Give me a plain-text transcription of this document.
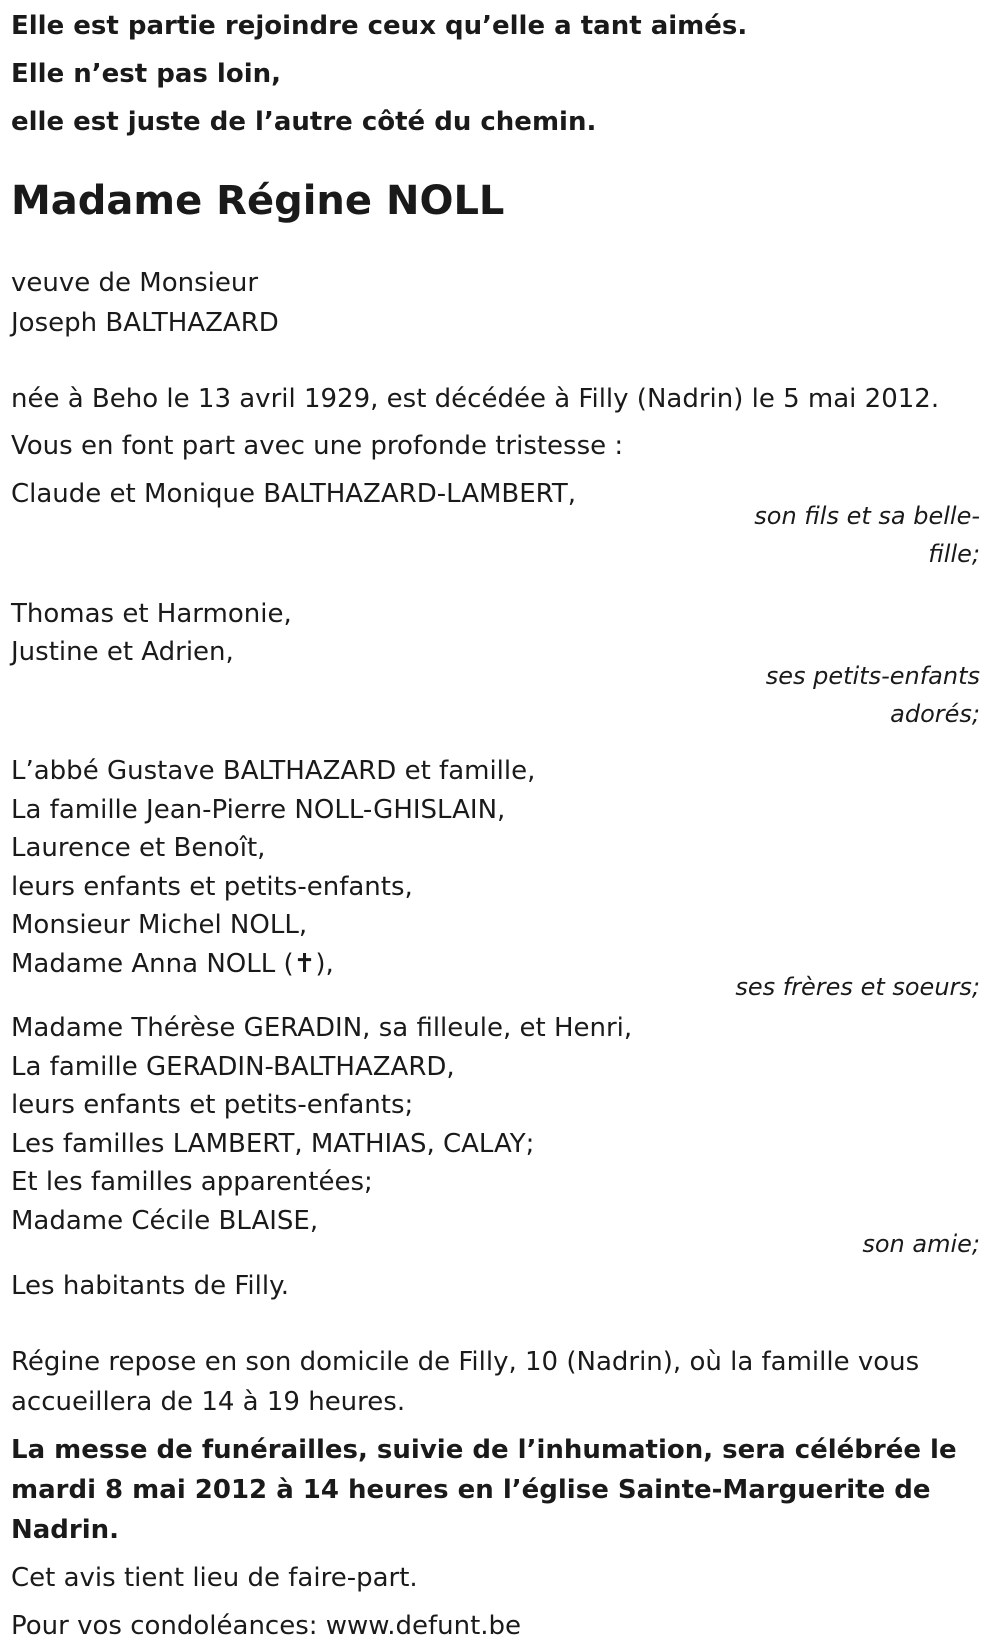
Elle est partie rejoindre ceux qu’elle a tant aimés.
Elle n’est pas loin,
elle est juste de l’autre côté du chemin.
Madame Régine NOLL
veuve de Monsieur
Joseph BALTHAZARD
née à Beho le 13 avril 1929, est décédée à Filly (Nadrin) le 5 mai 2012.
Vous en font part avec une profonde tristesse :
Claude et Monique BALTHAZARD-LAMBERT,
son fils et sa belle-
fille;
Thomas et Harmonie,
Justine et Adrien,
ses petits-enfants
adorés;
L’abbé Gustave BALTHAZARD et famille,
La famille Jean-Pierre NOLL-GHISLAIN,
Laurence et Benoît,
leurs enfants et petits-enfants,
Monsieur Michel NOLL,
Madame Anna NOLL (✝),
ses frères et soeurs;
Madame Thérèse GERADIN, sa filleule, et Henri,
La famille GERADIN-BALTHAZARD,
leurs enfants et petits-enfants;
Les familles LAMBERT, MATHIAS, CALAY;
Et les familles apparentées;
Madame Cécile BLAISE,
son amie;
Les habitants de Filly.
Régine repose en son domicile de Filly, 10 (Nadrin), où la famille vous accueillera de 14 à 19 heures.
La messe de funérailles, suivie de l’inhumation, sera célébrée le mardi 8 mai 2012 à 14 heures en l’église Sainte-Marguerite de Nadrin.
Cet avis tient lieu de faire-part.
Pour vos condoléances: www.defunt.be
